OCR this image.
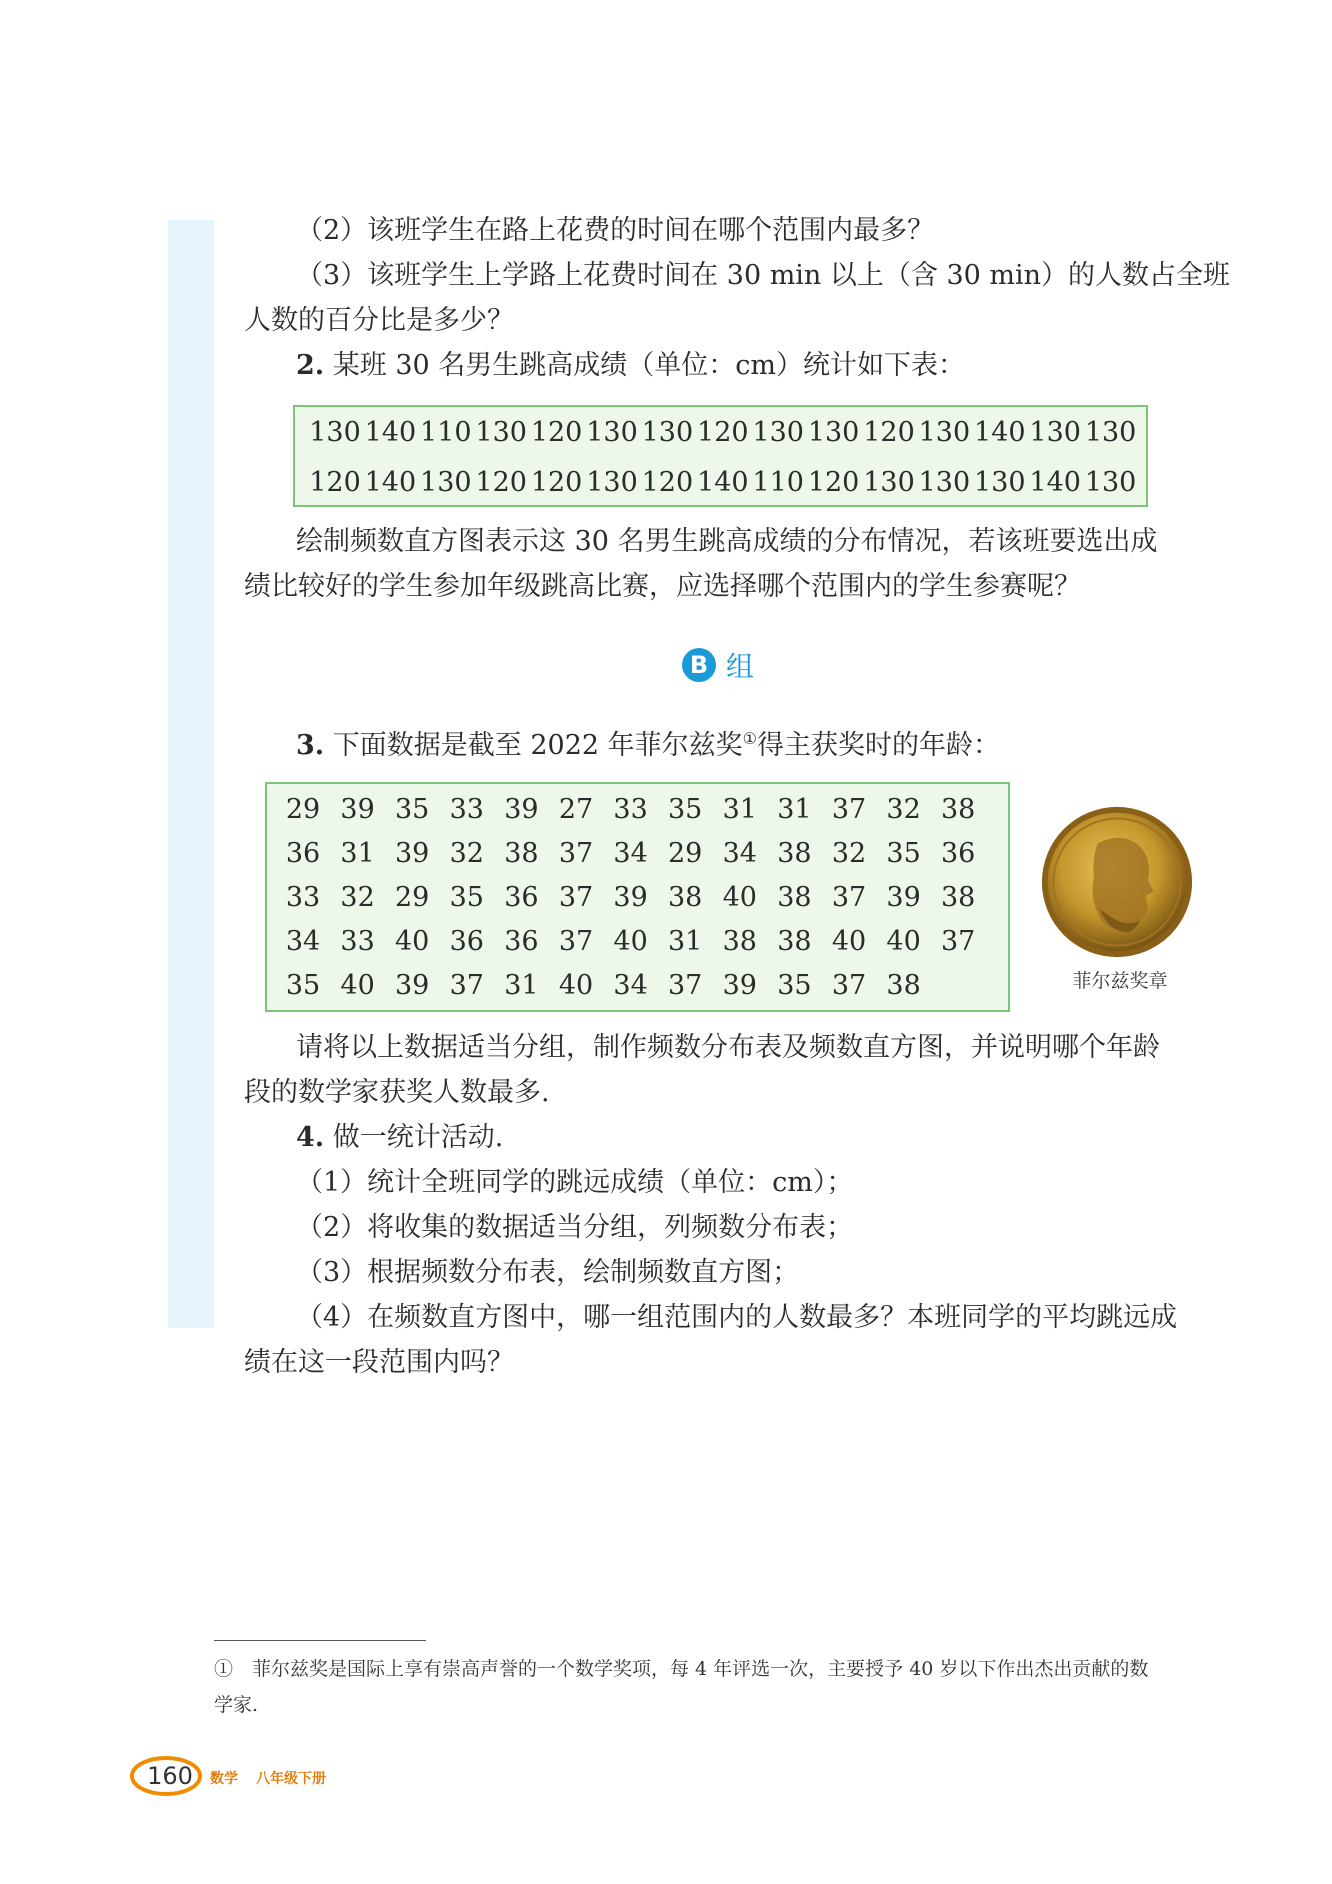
（2）该班学生在路上花费的时间在哪个范围内最多？
（3）该班学生上学路上花费时间在 30 min 以上（含 30 min）的人数占全班
人数的百分比是多少？
2. 某班 30 名男生跳高成绩（单位：cm）统计如下表：
130 140 110 130 120 130 130 120 130 130 120 130 140 130 130
120 140 130 120 120 130 120 140 110 120 130 130 130 140 130
绘制频数直方图表示这 30 名男生跳高成绩的分布情况，若该班要选出成
绩比较好的学生参加年级跳高比赛，应选择哪个范围内的学生参赛呢？
B 组
3. 下面数据是截至 2022 年菲尔兹奖①得主获奖时的年龄：
29 39 35 33 39 27 33 35 31 31 37 32 38
36 31 39 32 38 37 34 29 34 38 32 35 36
33 32 29 35 36 37 39 38 40 38 37 39 38
34 33 40 36 36 37 40 31 38 38 40 40 37
35 40 39 37 31 40 34 37 39 35 37 38	菲尔兹奖章
请将以上数据适当分组，制作频数分布表及频数直方图，并说明哪个年龄
段的数学家获奖人数最多.
4. 做一统计活动.
（1）统计全班同学的跳远成绩（单位：cm）；
（2）将收集的数据适当分组，列频数分布表；
（3）根据频数分布表，绘制频数直方图；
（4）在频数直方图中，哪一组范围内的人数最多？本班同学的平均跳远成
绩在这一段范围内吗？
①　菲尔兹奖是国际上享有崇高声誉的一个数学奖项，每 4 年评选一次，主要授予 40 岁以下作出杰出贡献的数
学家.
160 数学 八年级下册
